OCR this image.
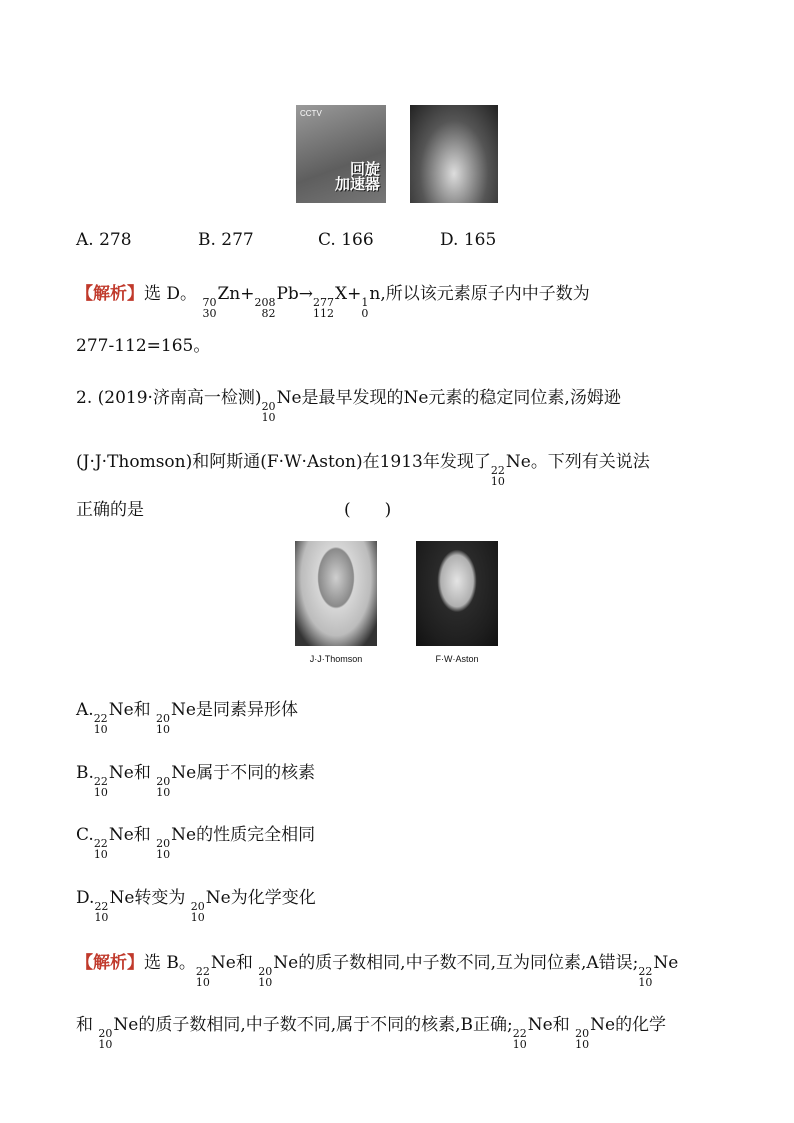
CCTV
回旋
加速器
A. 278	B. 277	C. 166	D. 165
【解析】选 D。 70
30
Zn+ 208
82
Pb→ 277
112
X+ 1
0
n,所以该元素原子内中子数为
277-112=165。
2. (2019·济南高一检测) 20
10
Ne是最早发现的Ne元素的稳定同位素,汤姆逊
(J·J·Thomson)和阿斯通(F·W·Aston)在1913年发现了 22
10
Ne。下列有关说法
正确的是	(　　)
J·J·Thomson	F·W·Aston
A. 22
10
Ne和 20
10
Ne是同素异形体
B. 22
10
Ne和 20
10
Ne属于不同的核素
C. 22
10
Ne和 20
10
Ne的性质完全相同
D. 22
10
Ne转变为 20
10
Ne为化学变化
【解析】选 B。 22
10
Ne和 20
10
Ne的质子数相同,中子数不同,互为同位素,A错误; 22
10
Ne
和 20
10
Ne的质子数相同,中子数不同,属于不同的核素,B正确; 22
10
Ne和 20
10
Ne的化学
